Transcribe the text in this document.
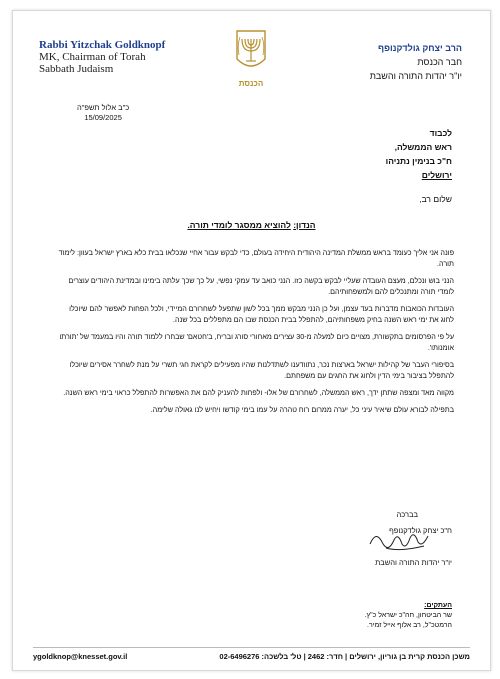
Rabbi Yitzchak Goldknopf
MK, Chairman of Torah
Sabbath Judaism
הכנסת
הרב יצחק גולדקנופף
חבר הכנסת
יו"ר יהדות התורה והשבת
כ"ב אלול תשפ"ה
15/09/2025
לכבוד
ראש הממשלה,
ח"כ בנימין נתניהו
ירושלים
שלום רב,
הנדון: להוציא ממסגר לומדי תורה.

פונה אני אליך כעומד בראש ממשלת המדינה היהודית היחידה בעולם, כדי לבקש עבור אחיי שנכלאו בבית כלא בארץ ישראל בעוון: לימוד תורה.

הנני בוש ונכלם, מעצם העובדה שעליי לבקש בקשה כזו. הנני כואב עד עמקי נפשי, על כך שכך עלתה בימינו ובמדינת היהודים עוצרים לומדי תורה ומתנכלים להם ולמשפחותיהם.

העובדות הכואבות מדברות בעד עצמן, ועל כן הנני מבקש ממך בכל לשון שתפעל לשחרורם המיידי, ולכל הפחות לאפשר להם שיוכלו לחוג את ימי ראש השנה בחיק משפחותיהם, להתפלל בבית הכנסת שבו הם מתפללים בכל שנה.

על פי הפרסומים בתקשורת, מצויים כיום למעלה מ-30 עצירים מאחורי סורג ובריח, ב'חטאם' שבחרו ללמוד תורה והיו במעמד של 'תורתו אומנותו'.

בסיפורי העבר של קהילות ישראל בארצות נכר, נתוודענו לשתדלנות שהיו מפעילים לקראת חגי תשרי על מנת לשחרר אסירים שיוכלו להתפלל בציבור בימי הדין ולחוג את החגים עם משפחתם.

מקווה מאד ומצפה שתתן ידך, ראש הממשלה, לשחרורם של אלו- ולפחות להעניק להם את האפשרות להתפלל כראוי בימי ראש השנה.

בתפילה לבורא עולם שיאיר עיני כל, יערה ממרום רוח טהרה על עמו בימי קודשו ויחיש לנו גאולה שלימה.

בברכה
ח"כ יצחק גולדקנופף
יו"ר יהדות התורה והשבת
העתקים:
שר הביטחון, חה"כ ישראל כ"ץ.
הרמטכ"ל, רב אלוף אייל זמיר.
ygoldknop@knesset.gov.il	משכן הכנסת קרית בן גוריון, ירושלים | חדר: 2462 | טל' בלשכה: 02-6496276
